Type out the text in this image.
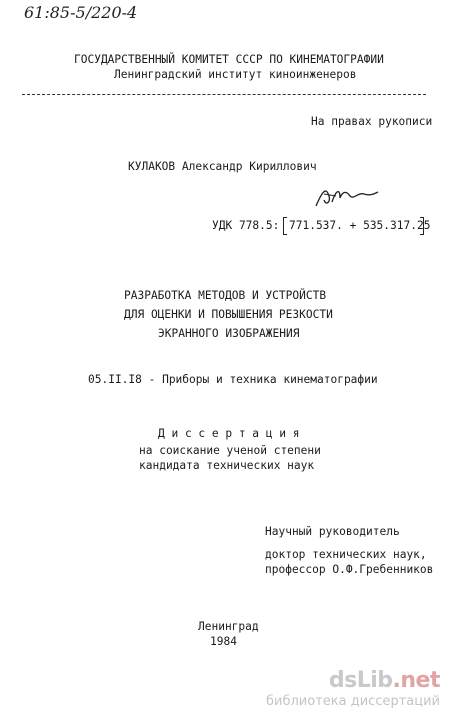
61:85-5/220-4
ГОСУДАРСТВЕННЫЙ КОМИТЕТ СССР ПО КИНЕМАТОГРАФИИ
Ленинградский институт киноинженеров
На правах рукописи
КУЛАКОВ Александр Кириллович
УДК 778.5: 771.537. + 535.317.25
РАЗРАБОТКА МЕТОДОВ И УСТРОЙСТВ
ДЛЯ ОЦЕНКИ И ПОВЫШЕНИЯ РЕЗКОСТИ
ЭКРАННОГО ИЗОБРАЖЕНИЯ
05.II.I8 - Приборы и техника кинематографии
Д и с с е р т а ц и я
на соискание ученой степени
кандидата технических наук
Научный руководитель
доктор технических наук,
профессор О.Ф.Гребенников
Ленинград
1984
dsLib.net
библиотека диссертаций
